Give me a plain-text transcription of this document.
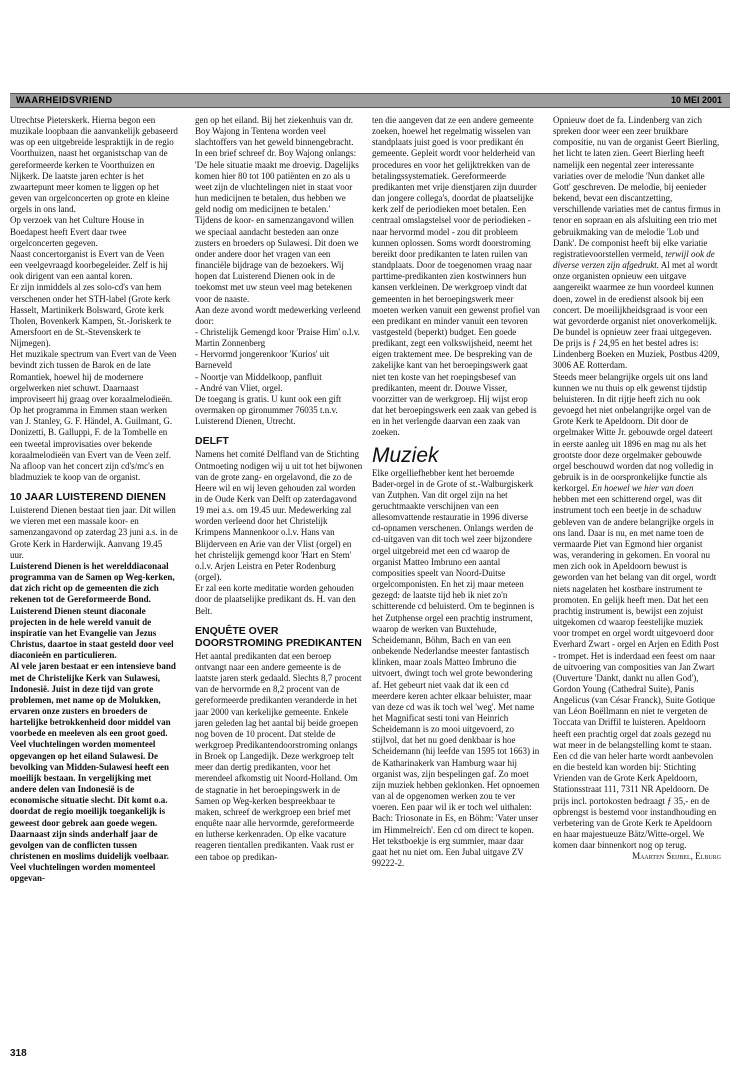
WAARHEIDSVRIEND	10 MEI 2001

Utrechtse Pieterskerk. Hierna begon een muzikale loopbaan die aanvankelijk gebaseerd was op een uitgebreide lespraktijk in de regio Voorthuizen, naast het organistschap van de gereformeerde kerken te Voorthuizen en Nijkerk. De laatste jaren echter is het zwaartepunt meer komen te liggen op het geven van orgelconcerten op grote en kleine orgels in ons land.

Op verzoek van het Culture House in Boedapest heeft Evert daar twee orgelconcerten gegeven.

Naast concertorganist is Evert van de Veen een veelgevraagd koorbegeleider. Zelf is hij ook dirigent van een aantal koren.

Er zijn inmiddels al zes solo-cd's van hem verschenen onder het STH-label (Grote kerk Hasselt, Martinikerk Bolsward, Grote kerk Tholen, Bovenkerk Kampen, St.-Joriskerk te Amersfoort en de St.-Stevenskerk te Nijmegen).

Het muzikale spectrum van Evert van de Veen bevindt zich tussen de Barok en de late Romantiek, hoewel hij de modernere orgelwerken niet schuwt. Daarnaast improviseert hij graag over koraalmelodieën.

Op het programma in Emmen staan werken van J. Stanley, G. F. Händel, A. Guilmant, G. Donizetti, B. Galluppi, F. de la Tombelle en een tweetal improvisaties over bekende koraalmelodieën van Evert van de Veen zelf.

Na afloop van het concert zijn cd's/mc's en bladmuziek te koop van de organist.

10 JAAR LUISTEREND DIENEN

Luisterend Dienen bestaat tien jaar. Dit willen we vieren met een massale koor- en samenzangavond op zaterdag 23 juni a.s. in de Grote Kerk in Harderwijk. Aanvang 19.45 uur.

Luisterend Dienen is het werelddiaconaal programma van de Samen op Weg-kerken, dat zich richt op de gemeenten die zich rekenen tot de Gereformeerde Bond. Luisterend Dienen steunt diaconale projecten in de hele wereld vanuit de inspiratie van het Evangelie van Jezus Christus, daartoe in staat gesteld door veel diaconieën en particulieren.

Al vele jaren bestaat er een intensieve band met de Christelijke Kerk van Sulawesi, Indonesië. Juist in deze tijd van grote problemen, met name op de Molukken, ervaren onze zusters en broeders de hartelijke betrokkenheid door middel van voorbede en meeleven als een groot goed. Veel vluchtelingen worden momenteel opgevangen op het eiland Sulawesi. De bevolking van Midden-Sulawesi heeft een moeilijk bestaan. In vergelijking met andere delen van Indonesië is de economische situatie slecht. Dit komt o.a. doordat de regio moeilijk toegankelijk is geweest door gebrek aan goede wegen. Daarnaast zijn sinds anderhalf jaar de gevolgen van de conflicten tussen christenen en moslims duidelijk voelbaar. Veel vluchtelingen worden momenteel opgevan-

gen op het eiland. Bij het ziekenhuis van dr. Boy Wajong in Tentena worden veel slachtoffers van het geweld binnengebracht. In een brief schreef dr. Boy Wajong onlangs: 'De hele situatie maakt me droevig. Dagelijks komen hier 80 tot 100 patiënten en zo als u weet zijn de vluchtelingen niet in staat voor hun medicijnen te betalen, dus hebben we geld nodig om medicijnen te betalen.'

Tijdens de koor- en samenzangavond willen we speciaal aandacht besteden aan onze zusters en broeders op Sulawesi. Dit doen we onder andere door het vragen van een financiële bijdrage van de bezoekers. Wij hopen dat Luisterend Dienen ook in de toekomst met uw steun veel mag betekenen voor de naaste.

Aan deze avond wordt medewerking verleend door:

- Christelijk Gemengd koor 'Praise Him' o.l.v. Martin Zonnenberg

- Hervormd jongerenkoor 'Kurios' uit Barneveld

- Noortje van Middelkoop, panfluit

- André van Vliet, orgel.

De toegang is gratis. U kunt ook een gift overmaken op gironummer 76035 t.n.v. Luisterend Dienen, Utrecht.

DELFT

Namens het comité Delfland van de Stichting Ontmoeting nodigen wij u uit tot het bijwonen van de grote zang- en orgelavond, die zo de Heere wil en wij leven gehouden zal worden in de Oude Kerk van Delft op zaterdagavond 19 mei a.s. om 19.45 uur. Medewerking zal worden verleend door het Christelijk Krimpens Mannenkoor o.l.v. Hans van Blijderveen en Arie van der Vlist (orgel) en het christelijk gemengd koor 'Hart en Stem' o.l.v. Arjen Leistra en Peter Rodenburg (orgel).

Er zal een korte meditatie worden gehouden door de plaatselijke predikant ds. H. van den Belt.

ENQUÊTE OVER DOORSTROMING PREDIKANTEN

Het aantal predikanten dat een beroep ontvangt naar een andere gemeente is de laatste jaren sterk gedaald. Slechts 8,7 procent van de hervormde en 8,2 procent van de gereformeerde predikanten veranderde in het jaar 2000 van kerkelijke gemeente. Enkele jaren geleden lag het aantal bij beide groepen nog boven de 10 procent. Dat stelde de werkgroep Predikantendoorstroming onlangs in Broek op Langedijk. Deze werkgroep telt meer dan dertig predikanten, voor het merendeel afkomstig uit Noord-Holland. Om de stagnatie in het beroepingswerk in de Samen op Weg-kerken bespreekbaar te maken, schreef de werkgroep een brief met enquête naar alle hervormde, gereformeerde en lutherse kerkenraden. Op elke vacature reageren tientallen predikanten. Vaak rust er een taboe op predikan-

ten die aangeven dat ze een andere gemeente zoeken, hoewel het regelmatig wisselen van standplaats juist goed is voor predikant én gemeente. Gepleit wordt voor helderheid van procedures en voor het gelijktrekken van de betalingssystematiek. Gereformeerde predikanten met vrije dienstjaren zijn duurder dan jongere collega's, doordat de plaatselijke kerk zelf de periodieken moet betalen. Een centraal omslagstelsel voor de periodieken - naar hervormd model - zou dit probleem kunnen oplossen. Soms wordt doorstroming bereikt door predikanten te laten ruilen van standplaats. Door de toegenomen vraag naar parttime-predikanten zien kostwinners hun kansen verkleinen. De werkgroep vindt dat gemeenten in het beroepingswerk meer moeten werken vanuit een gewenst profiel van een predikant en minder vanuit een tevoren vastgesteld (beperkt) budget. Een goede predikant, zegt een volkswijsheid, neemt het eigen traktement mee. De bespreking van de zakelijke kant van het beroepingswerk gaat niet ten koste van het roepingsbesef van predikanten, meent dr. Douwe Visser, voorzitter van de werkgroep. Hij wijst erop dat het beroepingswerk een zaak van gebed is en in het verlengde daarvan een zaak van zoeken.

Muziek

Elke orgelliefhebber kent het beroemde Bader-orgel in de Grote of st.-Walburgiskerk van Zutphen. Van dit orgel zijn na het geruchtmaakte verschijnen van een allesomvattende restauratie in 1996 diverse cd-opnamen verschenen. Onlangs werden de cd-uitgaven van dit toch wel zeer bijzondere orgel uitgebreid met een cd waarop de organist Matteo Imbruno een aantal composities speelt van Noord-Duitse orgelcomponisten. En het zij maar meteen gezegd: de laatste tijd heb ik niet zo'n schitterende cd beluisterd. Om te beginnen is het Zutphense orgel een prachtig instrument, waarop de werken van Buxtehude, Scheidemann, Böhm, Bach en van een onbekende Nederlandse meester fantastisch klinken, maar zoals Matteo Imbruno die uitvoert, dwingt toch wel grote bewondering af. Het gebeurt niet vaak dat ik een cd meerdere keren achter elkaar beluister, maar van deze cd was ik toch wel 'weg'. Met name het Magnificat sesti toni van Heinrich Scheidemann is zo mooi uitgevoerd, zo stijlvol, dat het nu goed denkbaar is hoe Scheidemann (hij leefde van 1595 tot 1663) in de Katharinakerk van Hamburg waar hij organist was, zijn bespelingen gaf. Zo moet zijn muziek hebben geklonken. Het opnoemen van al de opgenomen werken zou te ver voeren. Een paar wil ik er toch wel uithalen: Bach: Triosonate in Es, en Böhm: 'Vater unser im Himmelreich'. Een cd om direct te kopen. Het tekstboekje is erg summier, maar daar gaat het nu niet om. Een Jubal uitgave ZV 99222-2.

Opnieuw doet de fa. Lindenberg van zich spreken door weer een zeer bruikbare compositie, nu van de organist Geert Bierling, het licht te laten zien. Geert Bierling heeft namelijk een negental zeer interessante variaties over de melodie 'Nun danket alle Gott' geschreven. De melodie, bij eenieder bekend, bevat een discantzetting, verschillende variaties met de cantus firmus in tenor en sopraan en als afsluiting een trio met gebruikmaking van de melodie 'Lob und Dank'. De componist heeft bij elke variatie registratievoorstellen vermeld, terwijl ook de diverse verzen zijn afgedrukt. Al met al wordt onze organisten opnieuw een uitgave aangereikt waarmee ze hun voordeel kunnen doen, zowel in de eredienst alsook bij een concert. De moeilijkheidsgraad is voor een wat gevorderde organist niet onoverkomelijk. De bundel is opnieuw zeer fraai uitgegeven. De prijs is ƒ 24,95 en het bestel adres is: Lindenberg Boeken en Muziek, Postbus 4209, 3006 AE Rotterdam.

Steeds meer belangrijke orgels uit ons land kunnen we nu thuis op elk gewenst tijdstip beluisteren. In dit rijtje heeft zich nu ook gevoegd het niet onbelangrijke orgel van de Grote Kerk te Apeldoorn. Dit door de orgelmaker Witte Jr. gebouwde orgel dateert in eerste aanleg uit 1896 en mag nu als het grootste door deze orgelmaker gebouwde orgel beschouwd worden dat nog volledig in gebruik is in de oorspronkelijke functie als kerkorgel. En hoewel we hier van doen hebben met een schitterend orgel, was dit instrument toch een beetje in de schaduw gebleven van de andere belangrijke orgels in ons land. Daar is nu, en met name toen de vermaarde Piet van Egmond hier organist was, verandering in gekomen. En vooral nu men zich ook in Apeldoorn bewust is geworden van het belang van dit orgel, wordt niets nagelaten het kostbare instrument te promoten. En gelijk heeft men. Dat het een prachtig instrument is, bewijst een zojuist uitgekomen cd waarop feestelijke muziek voor trompet en orgel wordt uitgevoerd door Everhard Zwart - orgel en Arjen en Edith Post - trompet. Het is inderdaad een feest om naar de uitvoering van composities van Jan Zwart (Ouverture 'Dankt, dankt nu allen God'), Gordon Young (Cathedral Suite), Panis Angelicus (van César Franck), Suite Gotique van Léon Boëllmann en niet te vergeten de Toccata van Driffil te luisteren. Apeldoorn heeft een prachtig orgel dat zoals gezegd nu wat meer in de belangstelling komt te staan. Een cd die van heler harte wordt aanbevolen en die besteld kan worden bij: Stichting Vrienden van de Grote Kerk Apeldoorn, Stationsstraat 111, 7311 NR Apeldoorn. De prijs incl. portokosten bedraagt ƒ 35,- en de opbrengst is bestemd voor instandhouding en verbetering van de Grote Kerk te Apeldoorn en haar majestueuze Bätz/Witte-orgel. We komen daar binnenkort nog op terug.

Maarten Seijbel, Elburg

318
